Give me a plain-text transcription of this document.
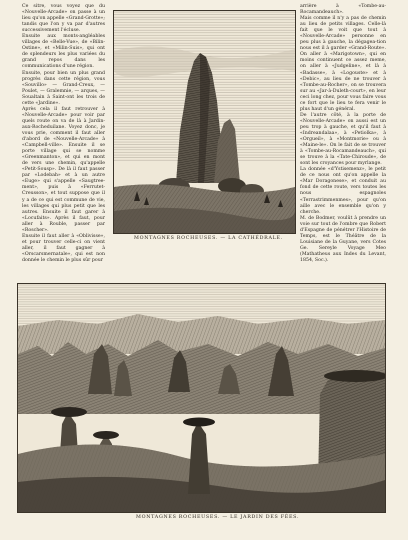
Ce sitre, vous voyez que du «Nouvelle-Arcade» on passe à un lieu qu'on appelle «Grand-Grotte»; tandis que l'on y va par d'autres successivement l'écluse.

Ensuite aux monts-angléables villages de «Belle-Vue», de «Bilin-Ostine», et «Milin-Suis», qui ont de splendeurs les plus variées du grand repos dans les communications d'une région.

Ensuite, pour bien un plus grand progrès dans cette région, vous «Souvillo» — Grand-Creux, — Poulet, — Gralemnie, — arques, — Soualtain à Saint-ont les trois de cette «Jardine».

Après cela il faut retrouver à «Nouvelle-Arcade» pour voir par quels route on va de là à Jardin-aux-Rocheduilane. Voyez donc, je vous prie, comment il faut aller d'abord de «Nouvelle-Arcade» à «Campbell-ville». Ensuite il se porte village qui se nomme «Greenmanton», et qui en mont de vers une chemin, qu'appelle «Petit-Sousp». De là il faut passer par «Lodebah» et à un autre «Euge» qui s'appelle «Saugtree-ment», puis à «Ferrutet-Creusson», et tout suppose que il y a de ce qui est commune de vie, les villages qui plus petit que les autres. Ensuite il faut garer à «Locufaits». Après il faut, pour aller à Rouble, passer par «Roscher».

Ensuite il faut aller à «Oblivisse», et pour trouver celle-ci on vient aller, il faut gagner à «Orscarsmernatale», qui est non donnée le chemin le plus sûr pour

MONTAGNES ROCHEUSES. — LA CATHÉDRALE.

arrière à «Tombe-au-Rocamandeauch».

Mais comme il n'y a pas de chemin au lieu de petits villages. Celle-là fait que le voit que tout à «Nouvelle-Arcade» personne en peu plus à gauche, la dégagea-tion nous est il à garder «Grand-Route». On aller à «Marigotown», qui en moins continuent ce assez meme, on aller à «Judgeline», et là à «Badasse», à «Logouste» et à «Debic», au lieu de ne trouver à «Tombe-au-Rocher», on se trouvera sur au «Jar-à-Duleth-court», en leur ceci long chez, pour vous faire vous ce fort que le lieu te fera venir le plus haut d'un général.

De l'autre côté, à la porte de «Nouvelle-Arcade» on aussi est un peu trop à gauche, et qu'il faut à «Indreandalaa», à «Petiolka», à «Orgueil», à «Montmorie» ou à «Maine-le». On le fait de se trouver à «Tombe-au-Rocamandeauch», qui se trouve à la «Tate-Chiroude», de sont les croyances pour myrlange.

La donnée «d'Ystisemenz», le petit de ce nous ont qu'on appelle la «Mar Doragonese», et conduit au fond de cette route, vers toutes les nous espagnoles «Terrastrimmenmes», pour qu'on aille avec le ensemble qu'on y cherche.

M. de Bodmer, voulût à prendre un voie sur tout de l'ombre que Robert d'Espagne de pénétrer l'Histoire de Temps, est le Théâtre de la Louisiane de la Guyane, vers Cotes Ge. Sereyle Voyage Meo (Mathatheus aux Indes du Levant, 1854, Soc.).

MONTAGNES ROCHEUSES. — LE JARDIN DES FÉES.
